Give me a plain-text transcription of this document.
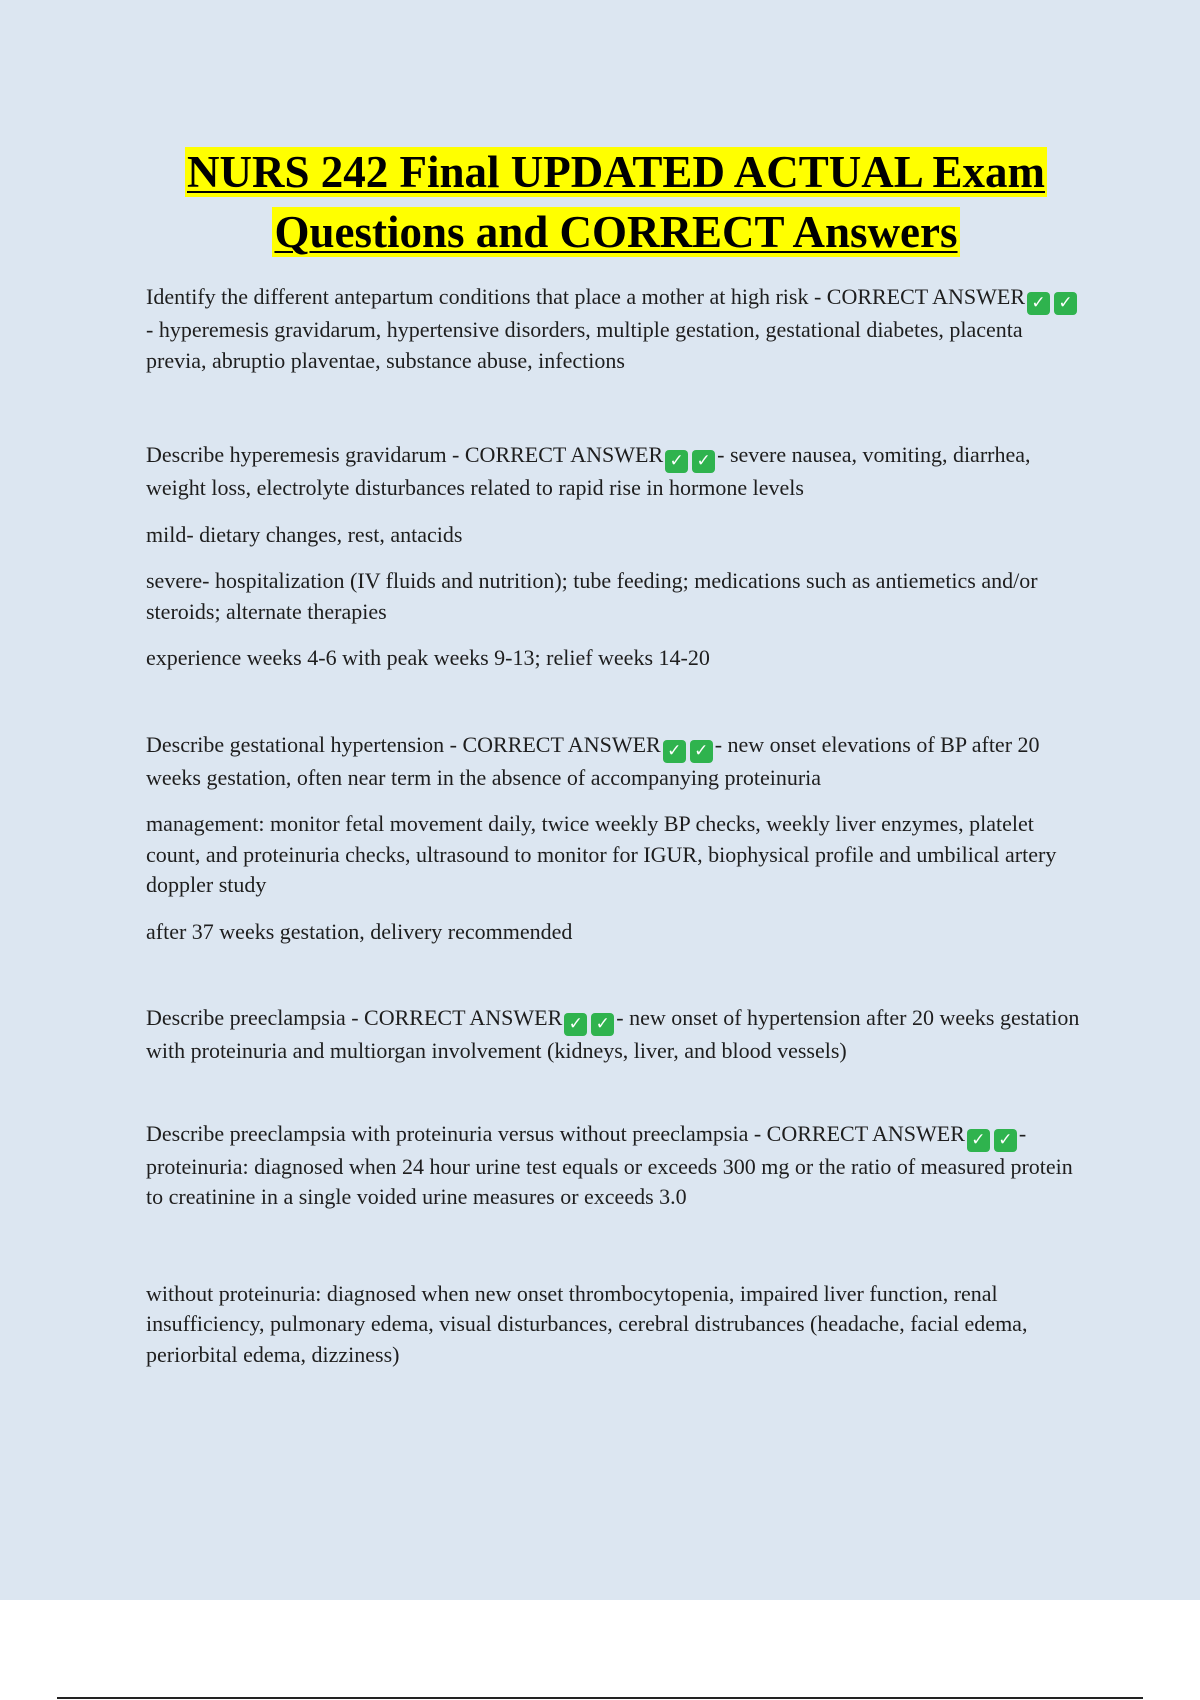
NURS 242 Final UPDATED ACTUAL Exam
Questions and CORRECT Answers

Identify the different antepartum conditions that place a mother at high risk - CORRECT ANSWER ✓ ✓- hyperemesis gravidarum, hypertensive disorders, multiple gestation, gestational diabetes, placenta previa, abruptio plaventae, substance abuse, infections

Describe hyperemesis gravidarum - CORRECT ANSWER ✓ ✓ - severe nausea, vomiting, diarrhea, weight loss, electrolyte disturbances related to rapid rise in hormone levels

mild- dietary changes, rest, antacids

severe- hospitalization (IV fluids and nutrition); tube feeding; medications such as antiemetics and/or steroids; alternate therapies

experience weeks 4-6 with peak weeks 9-13; relief weeks 14-20

Describe gestational hypertension - CORRECT ANSWER ✓ ✓ - new onset elevations of BP after 20 weeks gestation, often near term in the absence of accompanying proteinuria

management: monitor fetal movement daily, twice weekly BP checks, weekly liver enzymes, platelet count, and proteinuria checks, ultrasound to monitor for IGUR, biophysical profile and umbilical artery doppler study

after 37 weeks gestation, delivery recommended

Describe preeclampsia - CORRECT ANSWER ✓ ✓ - new onset of hypertension after 20 weeks gestation with proteinuria and multiorgan involvement (kidneys, liver, and blood vessels)

Describe preeclampsia with proteinuria versus without preeclampsia - CORRECT ANSWER ✓ ✓ - proteinuria: diagnosed when 24 hour urine test equals or exceeds 300 mg or the ratio of measured protein to creatinine in a single voided urine measures or exceeds 3.0

without proteinuria: diagnosed when new onset thrombocytopenia, impaired liver function, renal insufficiency, pulmonary edema, visual disturbances, cerebral distrubances (headache, facial edema, periorbital edema, dizziness)
